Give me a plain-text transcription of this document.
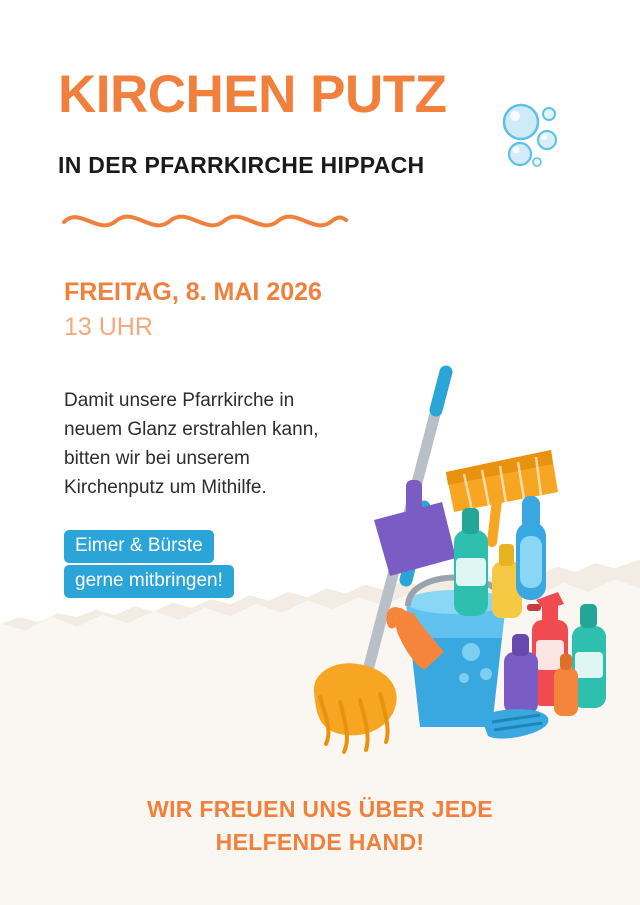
KIRCHEN PUTZ
IN DER PFARRKIRCHE HIPPACH
FREITAG, 8. MAI 2026
13 UHR
Damit unsere Pfarrkirche in
neuem Glanz erstrahlen kann,
bitten wir bei unserem
Kirchenputz um Mithilfe.
Eimer & Bürste
gerne mitbringen!
WIR FREUEN UNS ÜBER JEDE
HELFENDE HAND!
